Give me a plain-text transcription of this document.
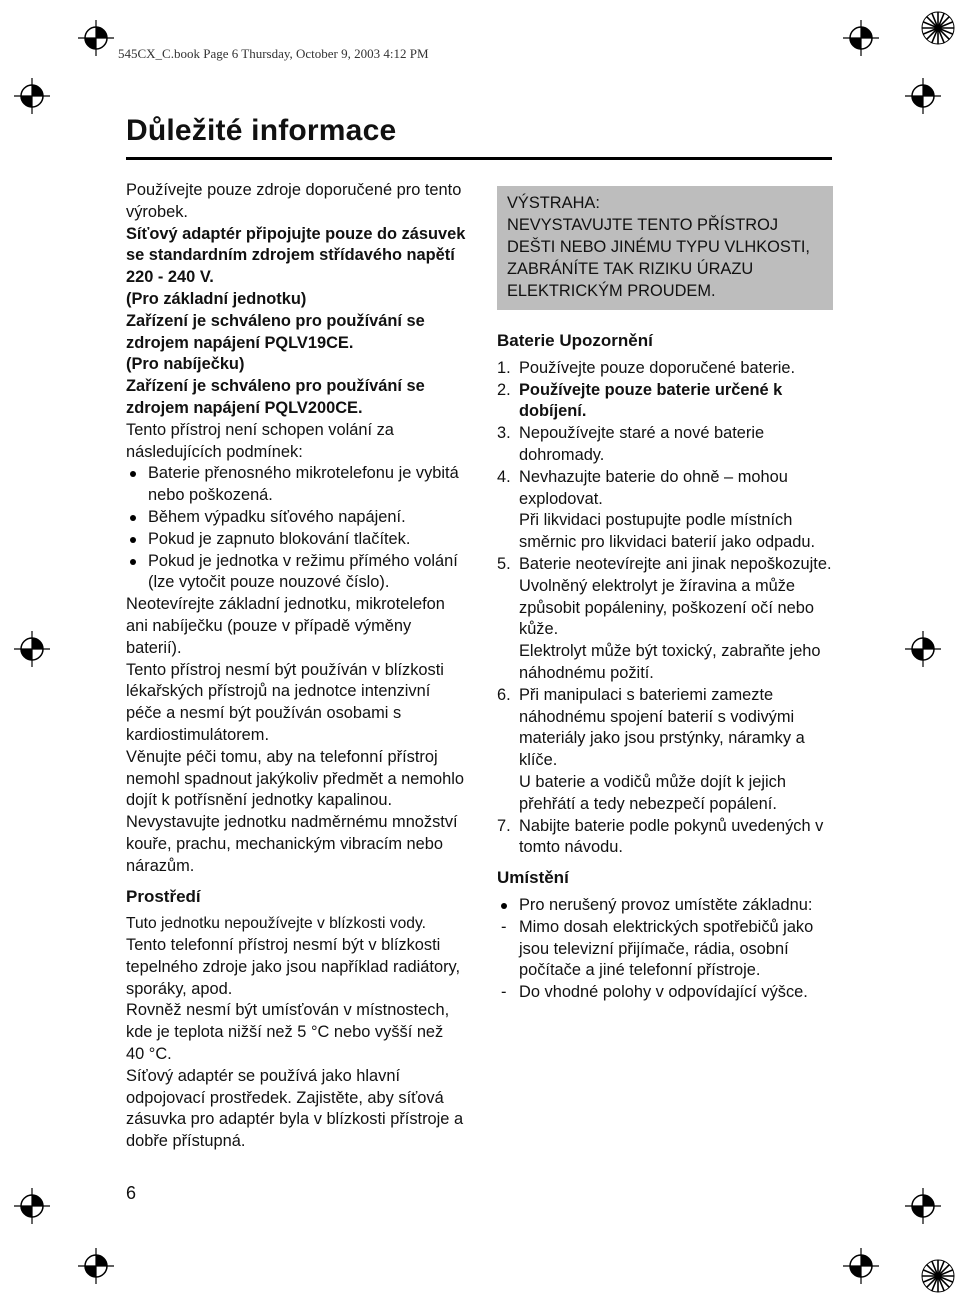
545CX_C.book Page 6 Thursday, October 9, 2003 4:12 PM
Důležité informace

Používejte pouze zdroje doporučené pro tento výrobek.

Síťový adaptér připojujte pouze do zásuvek se standardním zdrojem střídavého napětí 220 - 240 V.

(Pro základní jednotku)

Zařízení je schváleno pro používání se zdrojem napájení PQLV19CE.

(Pro nabíječku)

Zařízení je schváleno pro používání se zdrojem napájení PQLV200CE.

Tento přístroj není schopen volání za následujících podmínek:

Baterie přenosného mikrotelefonu je vybitá nebo poškozená.

Během výpadku síťového napájení.

Pokud je zapnuto blokování tlačítek.

Pokud je jednotka v režimu přímého volání (lze vytočit pouze nouzové číslo).

Neotevírejte základní jednotku, mikrotelefon ani nabíječku (pouze v případě výměny baterií).

Tento přístroj nesmí být používán v blízkosti lékařských přístrojů na jednotce intenzivní péče a nesmí být používán osobami s kardiostimulátorem.

Věnujte péči tomu, aby na telefonní přístroj nemohl spadnout jakýkoliv předmět a nemohlo dojít k potřísnění jednotky kapalinou. Nevystavujte jednotku nadměrnému množství kouře, prachu, mechanickým vibracím nebo nárazům.

Prostředí

Tuto jednotku nepoužívejte v blízkosti vody.

Tento telefonní přístroj nesmí být v blízkosti tepelného zdroje jako jsou například radiátory, sporáky, apod.

Rovněž nesmí být umísťován v místnostech, kde je teplota nižší než 5 °C nebo vyšší než 40 °C.

Síťový adaptér se používá jako hlavní odpojovací prostředek. Zajistěte, aby síťová zásuvka pro adaptér byla v blízkosti přístroje a dobře přístupná.

VÝSTRAHA:
NEVYSTAVUJTE TENTO PŘÍSTROJ DEŠTI NEBO JINÉMU TYPU VLHKOSTI, ZABRÁNÍTE TAK RIZIKU ÚRAZU ELEKTRICKÝM PROUDEM.

Baterie Upozornění

1. Používejte pouze doporučené baterie.

2. Používejte pouze baterie určené k dobíjení.

3. Nepoužívejte staré a nové baterie dohromady.

4. Nevhazujte baterie do ohně – mohou explodovat.

Při likvidaci postupujte podle místních směrnic pro likvidaci baterií jako odpadu.

5. Baterie neotevírejte ani jinak nepoškozujte.

Uvolněný elektrolyt je žíravina a může způsobit popáleniny, poškození očí nebo kůže.

Elektrolyt může být toxický, zabraňte jeho náhodnému požití.

6. Při manipulaci s bateriemi zamezte náhodnému spojení baterií s vodivými materiály jako jsou prstýnky, náramky a klíče.

U baterie a vodičů může dojít k jejich přehřátí a tedy nebezpečí popálení.

7. Nabijte baterie podle pokynů uvedených v tomto návodu.

Umístění

Pro nerušený provoz umístěte základnu:

- Mimo dosah elektrických spotřebičů jako jsou televizní přijímače, rádia, osobní počítače a jiné telefonní přístroje.

- Do vhodné polohy v odpovídající výšce.

6
